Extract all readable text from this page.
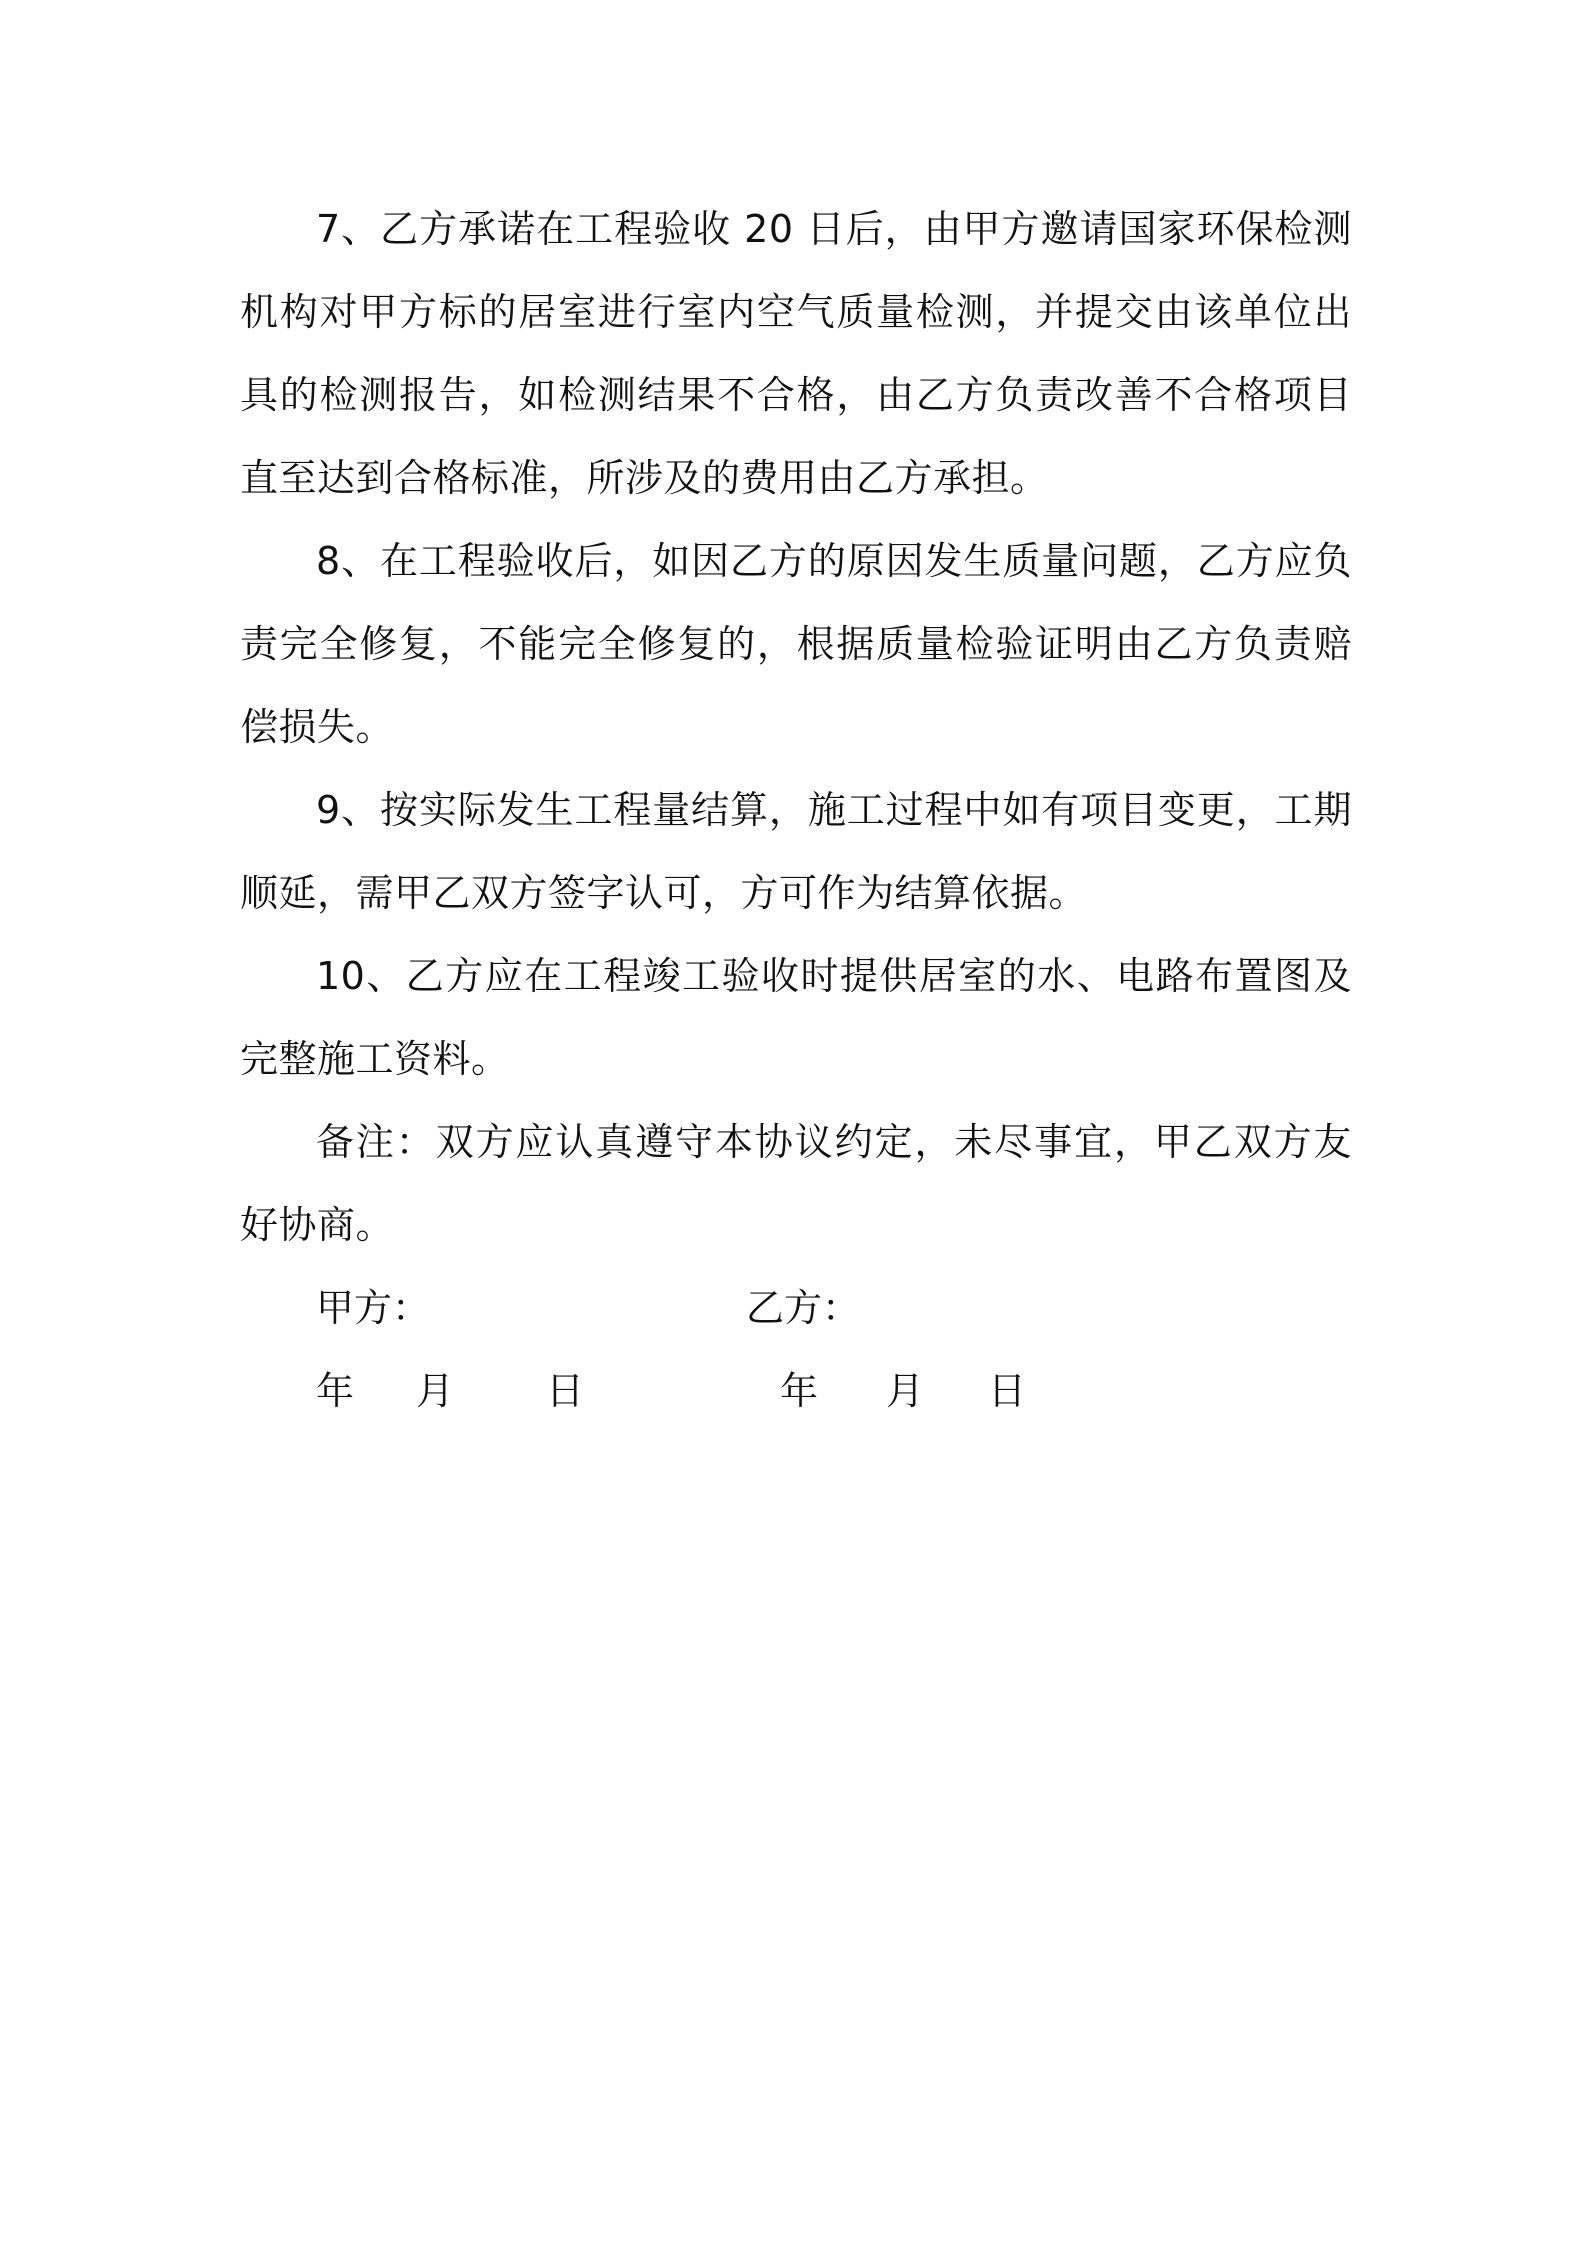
7、乙方承诺在工程验收 20 日后，由甲方邀请国家环保检测机构对甲方标的居室进行室内空气质量检测，并提交由该单位出具的检测报告，如检测结果不合格，由乙方负责改善不合格项目直至达到合格标准，所涉及的费用由乙方承担。

8、在工程验收后，如因乙方的原因发生质量问题，乙方应负责完全修复，不能完全修复的，根据质量检验证明由乙方负责赔偿损失。

9、按实际发生工程量结算，施工过程中如有项目变更，工期顺延，需甲乙双方签字认可，方可作为结算依据。

10、乙方应在工程竣工验收时提供居室的水、电路布置图及完整施工资料。

备注：双方应认真遵守本协议约定，未尽事宜，甲乙双方友好协商。

甲方：	乙方：
年 月 日	年 月 日
